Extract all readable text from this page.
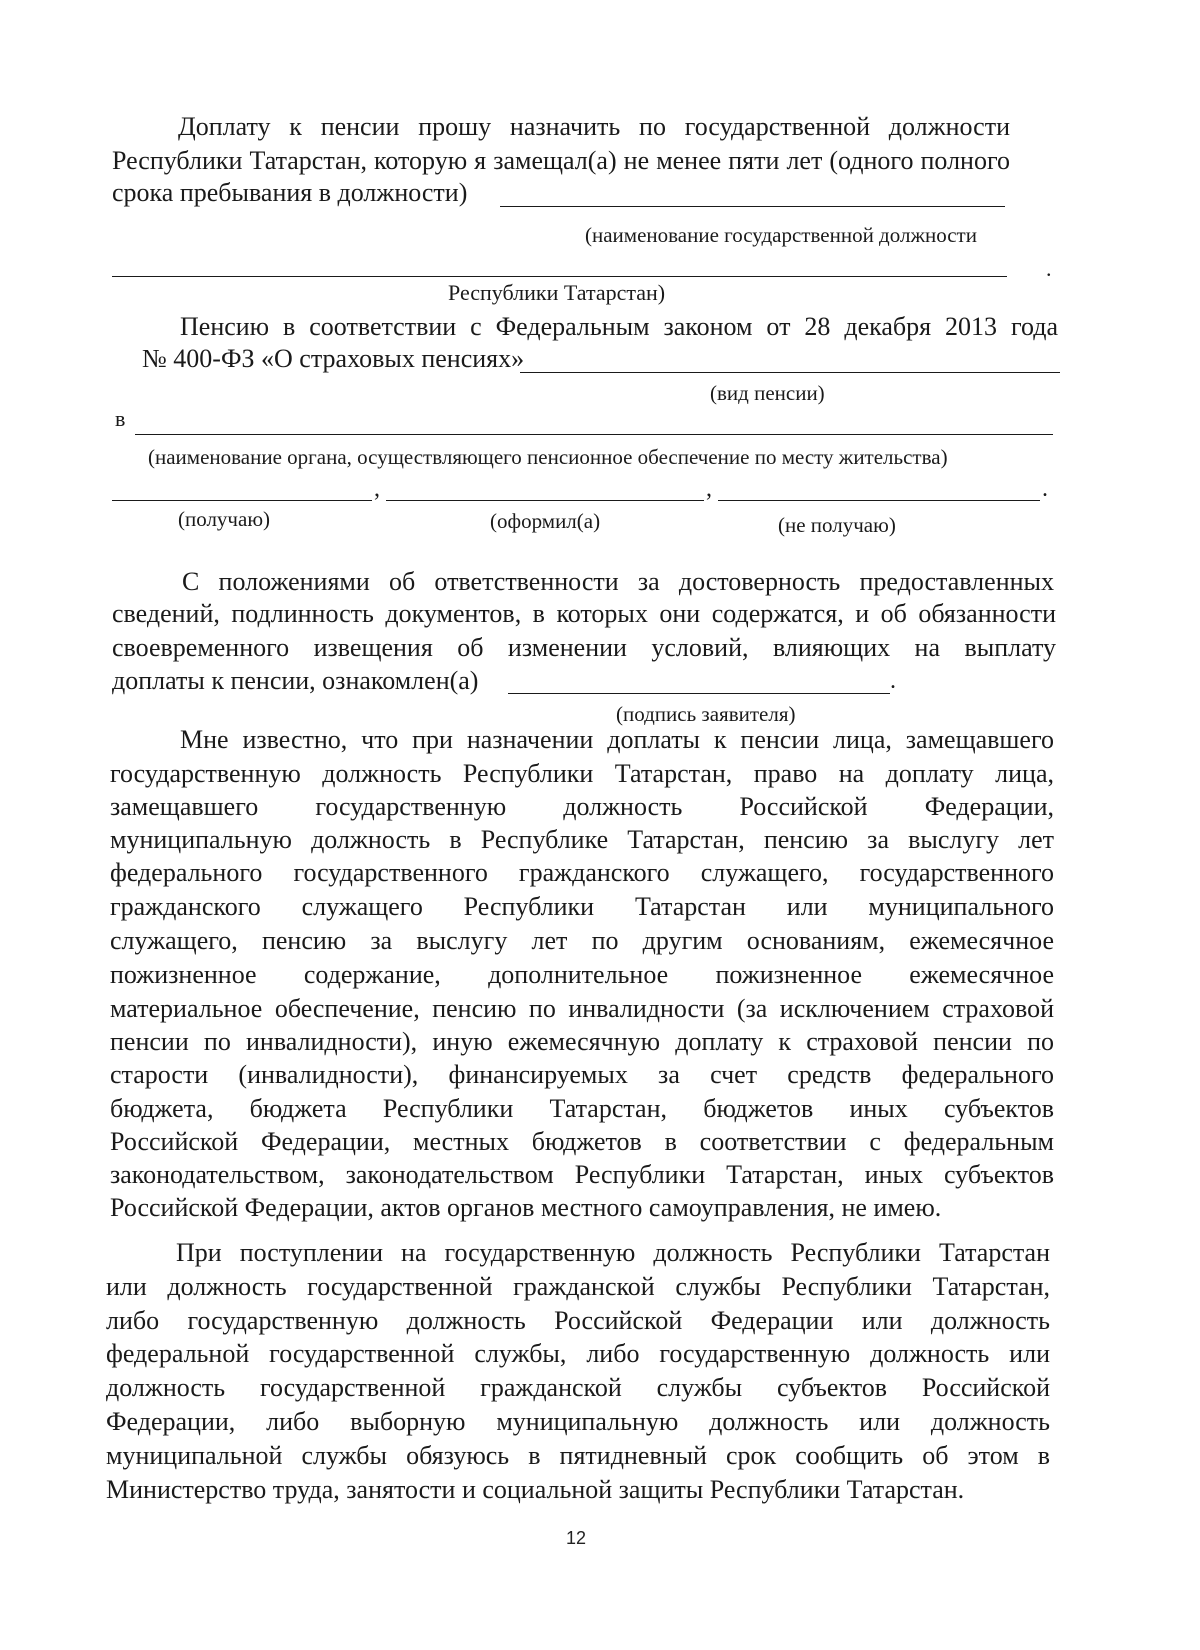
Доплату к пенсии прошу назначить по государственной должности
Республики Татарстан, которую я замещал(а) не менее пяти лет (одного полного
срока пребывания в должности)
(наименование государственной должности
.
Республики Татарстан)
Пенсию в соответствии с Федеральным законом от 28 декабря 2013 года
№ 400-ФЗ «О страховых пенсиях»
(вид пенсии)
в
(наименование органа, осуществляющего пенсионное обеспечение по месту жительства)
,	,	.
(получаю)	(оформил(а)	(не получаю)
С положениями об ответственности за достоверность предоставленных
сведений, подлинность документов, в которых они содержатся, и об обязанности
своевременного извещения об изменении условий, влияющих на выплату
доплаты к пенсии, ознакомлен(а)	.
(подпись заявителя)
Мне известно, что при назначении доплаты к пенсии лица, замещавшего
государственную должность Республики Татарстан, право на доплату лица,
замещавшего государственную должность Российской Федерации,
муниципальную должность в Республике Татарстан, пенсию за выслугу лет
федерального государственного гражданского служащего, государственного
гражданского служащего Республики Татарстан или муниципального
служащего, пенсию за выслугу лет по другим основаниям, ежемесячное
пожизненное содержание, дополнительное пожизненное ежемесячное
материальное обеспечение, пенсию по инвалидности (за исключением страховой
пенсии по инвалидности), иную ежемесячную доплату к страховой пенсии по
старости (инвалидности), финансируемых за счет средств федерального
бюджета, бюджета Республики Татарстан, бюджетов иных субъектов
Российской Федерации, местных бюджетов в соответствии с федеральным
законодательством, законодательством Республики Татарстан, иных субъектов
Российской Федерации, актов органов местного самоуправления, не имею.
При поступлении на государственную должность Республики Татарстан
или должность государственной гражданской службы Республики Татарстан,
либо государственную должность Российской Федерации или должность
федеральной государственной службы, либо государственную должность или
должность государственной гражданской службы субъектов Российской
Федерации, либо выборную муниципальную должность или должность
муниципальной службы обязуюсь в пятидневный срок сообщить об этом в
Министерство труда, занятости и социальной защиты Республики Татарстан.
12
